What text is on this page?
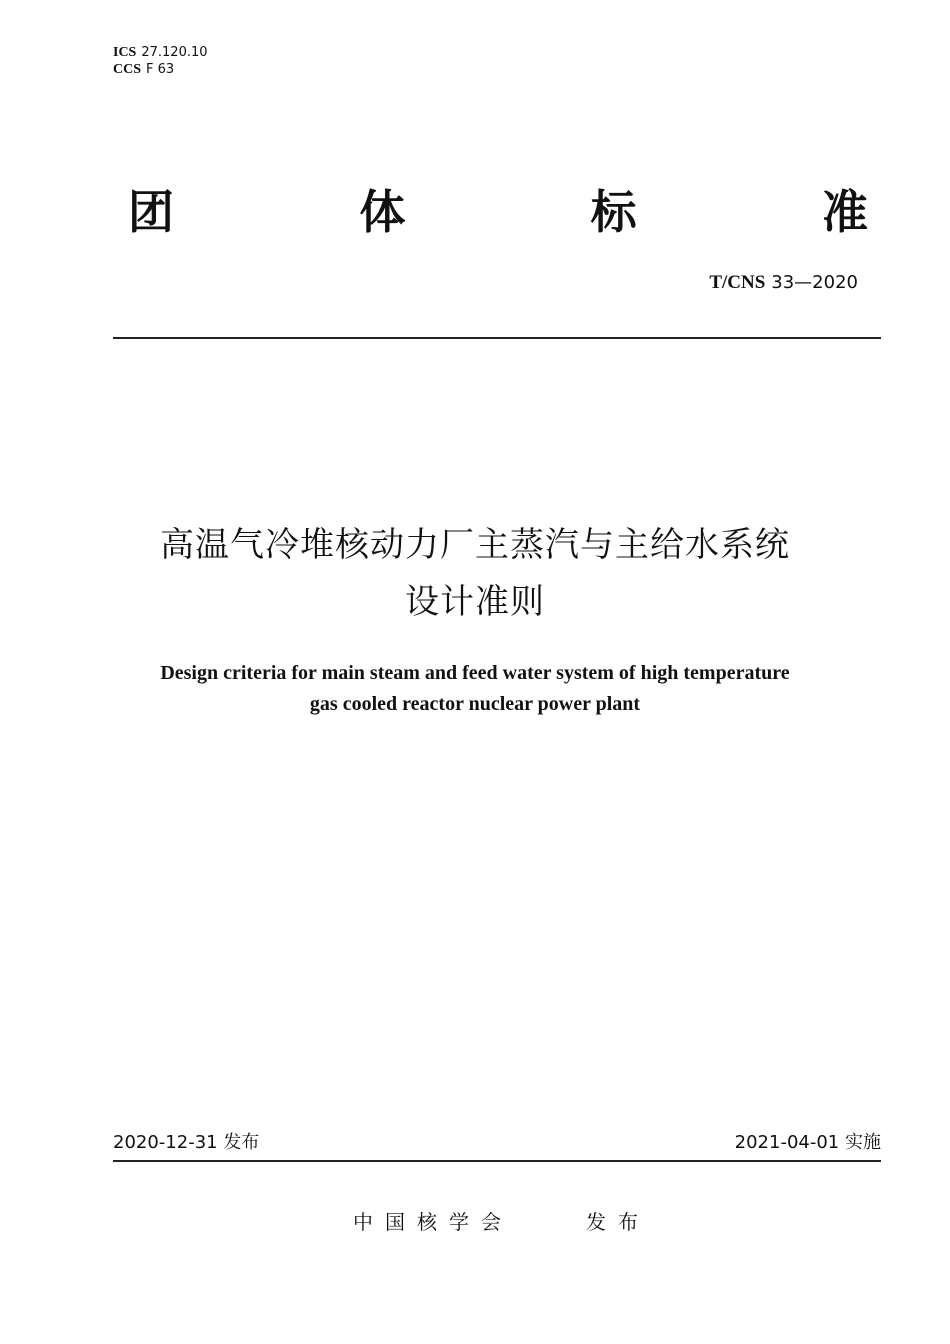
ICS 27.120.10
CCS F 63
团	体	标	准
T/CNS 33—2020
高温气冷堆核动力厂主蒸汽与主给水系统
设计准则
Design criteria for main steam and feed water system of high temperature
gas cooled reactor nuclear power plant
2020-12-31 发布	2021-04-01 实施
中国核学会	发布
